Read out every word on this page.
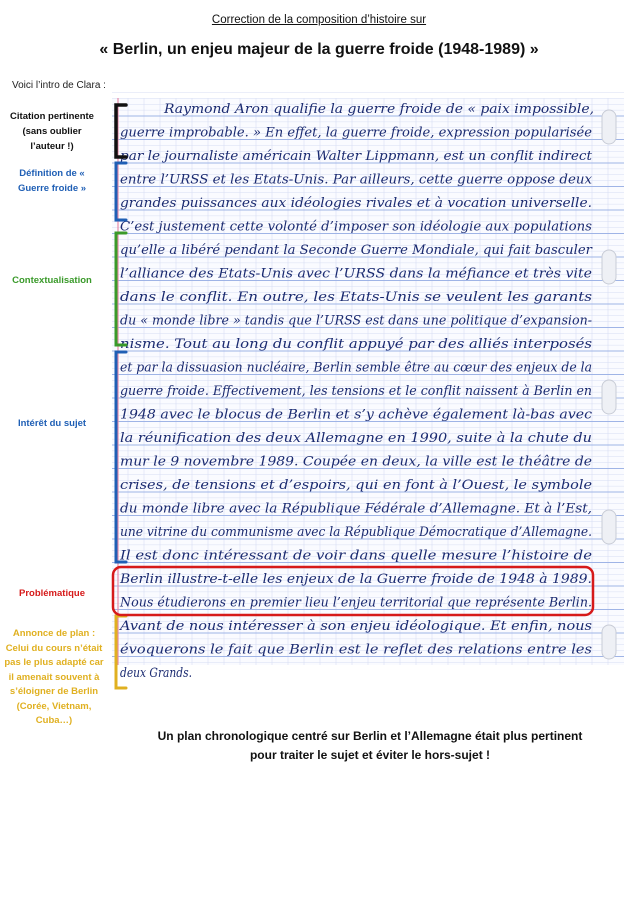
Correction de la composition d’histoire sur
« Berlin, un enjeu majeur de la guerre froide (1948-1989) »
Voici l’intro de Clara :
Citation pertinente (sans oublier l’auteur !)
Définition de « Guerre froide »
Contextualisation
Intérêt du sujet
Problématique
Annonce de plan : Celui du cours n’était pas le plus adapté car il amenait souvent à s’éloigner de Berlin (Corée, Vietnam, Cuba…)
Raymond Aron qualifie la guerre froide de « paix impossible,
guerre improbable. » En effet, la guerre froide, expression popularisée
par le journaliste américain Walter Lippmann, est un conflit indirect
entre l’URSS et les Etats-Unis. Par ailleurs, cette guerre oppose deux
grandes puissances aux idéologies rivales et à vocation universelle.
C’est justement cette volonté d’imposer son idéologie aux populations
qu’elle a libéré pendant la Seconde Guerre Mondiale, qui fait basculer
l’alliance des Etats-Unis avec l’URSS dans la méfiance et très vite
dans le conflit. En outre, les Etats-Unis se veulent les garants
du « monde libre » tandis que l’URSS est dans une politique d’expansion-
nisme. Tout au long du conflit appuyé par des alliés interposés
et par la dissuasion nucléaire, Berlin semble être au cœur des enjeux de la
guerre froide. Effectivement, les tensions et le conflit naissent à Berlin en
1948 avec le blocus de Berlin et s’y achève également là-bas avec
la réunification des deux Allemagne en 1990, suite à la chute du
mur le 9 novembre 1989. Coupée en deux, la ville est le théâtre de
crises, de tensions et d’espoirs, qui en font à l’Ouest, le symbole
du monde libre avec la République Fédérale d’Allemagne. Et à l’Est,
une vitrine du communisme avec la République Démocratique d’Allemagne.
Il est donc intéressant de voir dans quelle mesure l’histoire de
Berlin illustre-t-elle les enjeux de la Guerre froide de 1948 à 1989.
Nous étudierons en premier lieu l’enjeu territorial que représente Berlin.
Avant de nous intéresser à son enjeu idéologique. Et enfin, nous
évoquerons le fait que Berlin est le reflet des relations entre les
deux Grands.
Un plan chronologique centré sur Berlin et l’Allemagne était plus pertinent pour traiter le sujet et éviter le hors-sujet !
